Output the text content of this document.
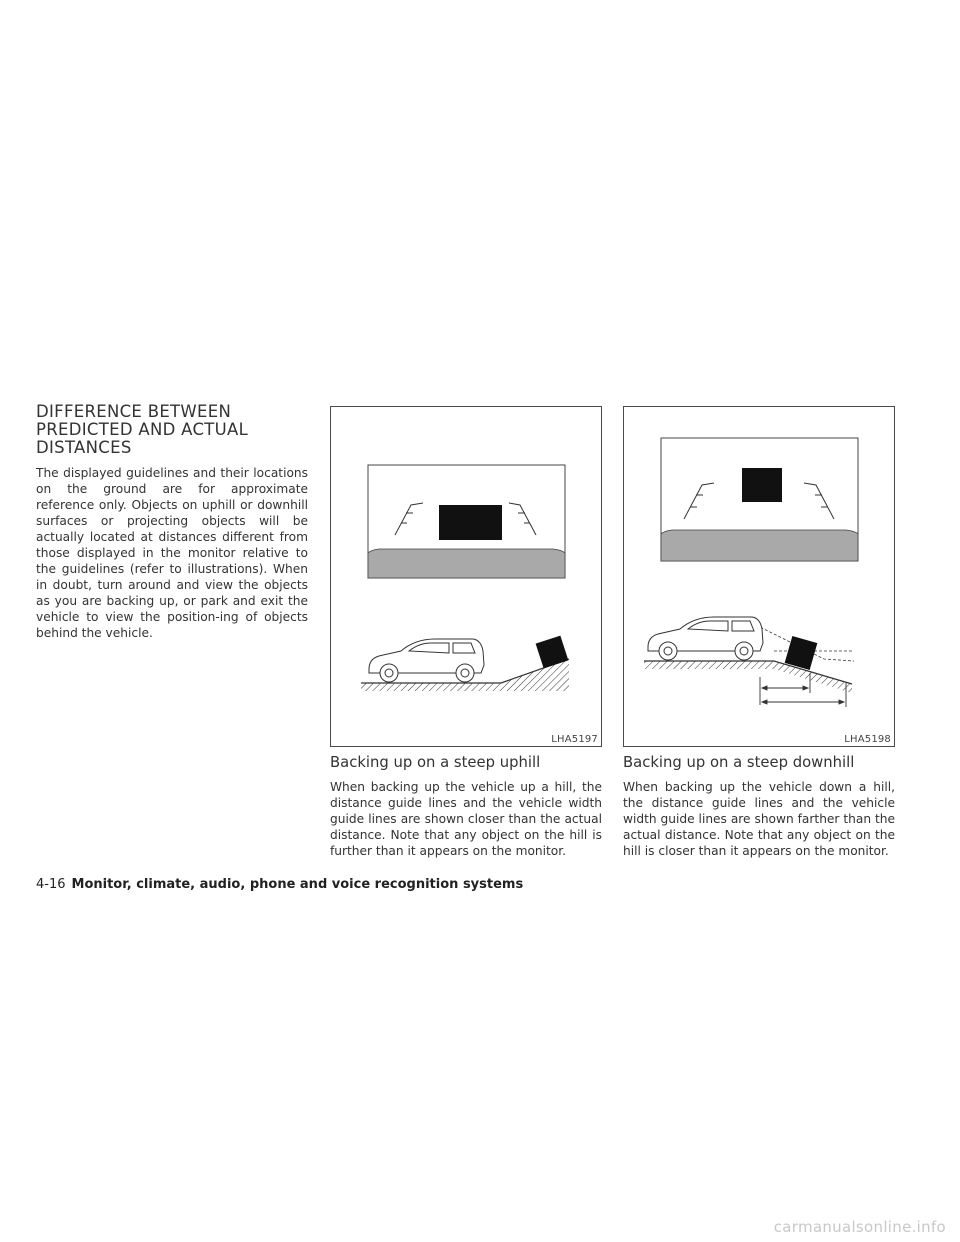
DIFFERENCE BETWEEN
PREDICTED AND ACTUAL
DISTANCES

The displayed guidelines and their locations on the ground are for approximate reference only. Objects on uphill or downhill surfaces or projecting objects will be actually located at distances different from those displayed in the monitor relative to the guidelines (refer to illustrations). When in doubt, turn around and view the objects as you are backing up, or park and exit the vehicle to view the position-ing of objects behind the vehicle.

LHA5197	LHA5198
Backing up on a steep uphill

When backing up the vehicle up a hill, the distance guide lines and the vehicle width guide lines are shown closer than the actual distance. Note that any object on the hill is further than it appears on the monitor.

Backing up on a steep downhill

When backing up the vehicle down a hill, the distance guide lines and the vehicle width guide lines are shown farther than the actual distance. Note that any object on the hill is closer than it appears on the monitor.

4-16 Monitor, climate, audio, phone and voice recognition systems
carmanualsonline.info
